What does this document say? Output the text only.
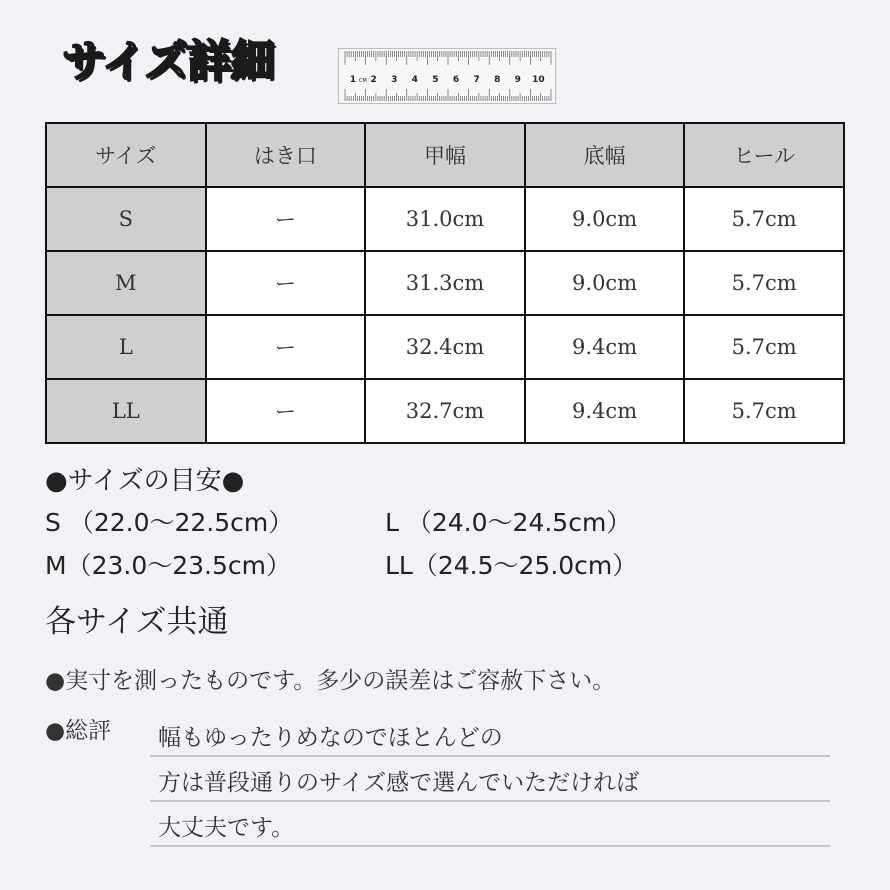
サイズ詳細	1 CM 2 3 4 5 6 7 8 9 10
サイズ	はき口	甲幅	底幅	ヒール
S	ー	31.0cm	9.0cm	5.7cm
M	ー	31.3cm	9.0cm	5.7cm
L	ー	32.4cm	9.4cm	5.7cm
LL	ー	32.7cm	9.4cm	5.7cm
●サイズの目安●
S （22.0～22.5cm）	L （24.0～24.5cm）
M（23.0～23.5cm）	LL（24.5～25.0cm）
各サイズ共通
●実寸を測ったものです。多少の誤差はご容赦下さい。
●総評	幅もゆったりめなのでほとんどの
方は普段通りのサイズ感で選んでいただければ
大丈夫です。
